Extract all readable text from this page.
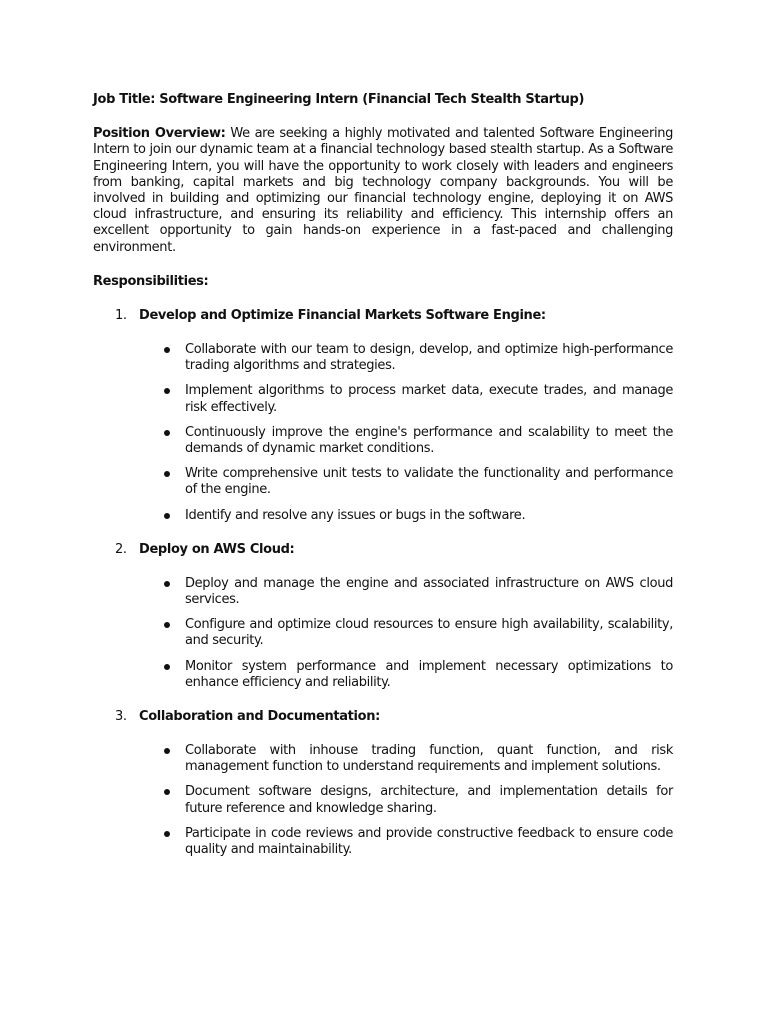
Job Title: Software Engineering Intern (Financial Tech Stealth Startup)

Position Overview: We are seeking a highly motivated and talented Software Engineering Intern to join our dynamic team at a financial technology based stealth startup. As a Software Engineering Intern, you will have the opportunity to work closely with leaders and engineers from banking, capital markets and big technology company backgrounds. You will be involved in building and optimizing our financial technology engine, deploying it on AWS cloud infrastructure, and ensuring its reliability and efficiency. This internship offers an excellent opportunity to gain hands-on experience in a fast-paced and challenging environment.

Responsibilities:

1. Develop and Optimize Financial Markets Software Engine:
Collaborate with our team to design, develop, and optimize high-performance trading algorithms and strategies.
Implement algorithms to process market data, execute trades, and manage risk effectively.
Continuously improve the engine's performance and scalability to meet the demands of dynamic market conditions.
Write comprehensive unit tests to validate the functionality and performance of the engine.
Identify and resolve any issues or bugs in the software.
2. Deploy on AWS Cloud:
Deploy and manage the engine and associated infrastructure on AWS cloud services.
Configure and optimize cloud resources to ensure high availability, scalability, and security.
Monitor system performance and implement necessary optimizations to enhance efficiency and reliability.
3. Collaboration and Documentation:
Collaborate with inhouse trading function, quant function, and risk management function to understand requirements and implement solutions.
Document software designs, architecture, and implementation details for future reference and knowledge sharing.
Participate in code reviews and provide constructive feedback to ensure code quality and maintainability.
